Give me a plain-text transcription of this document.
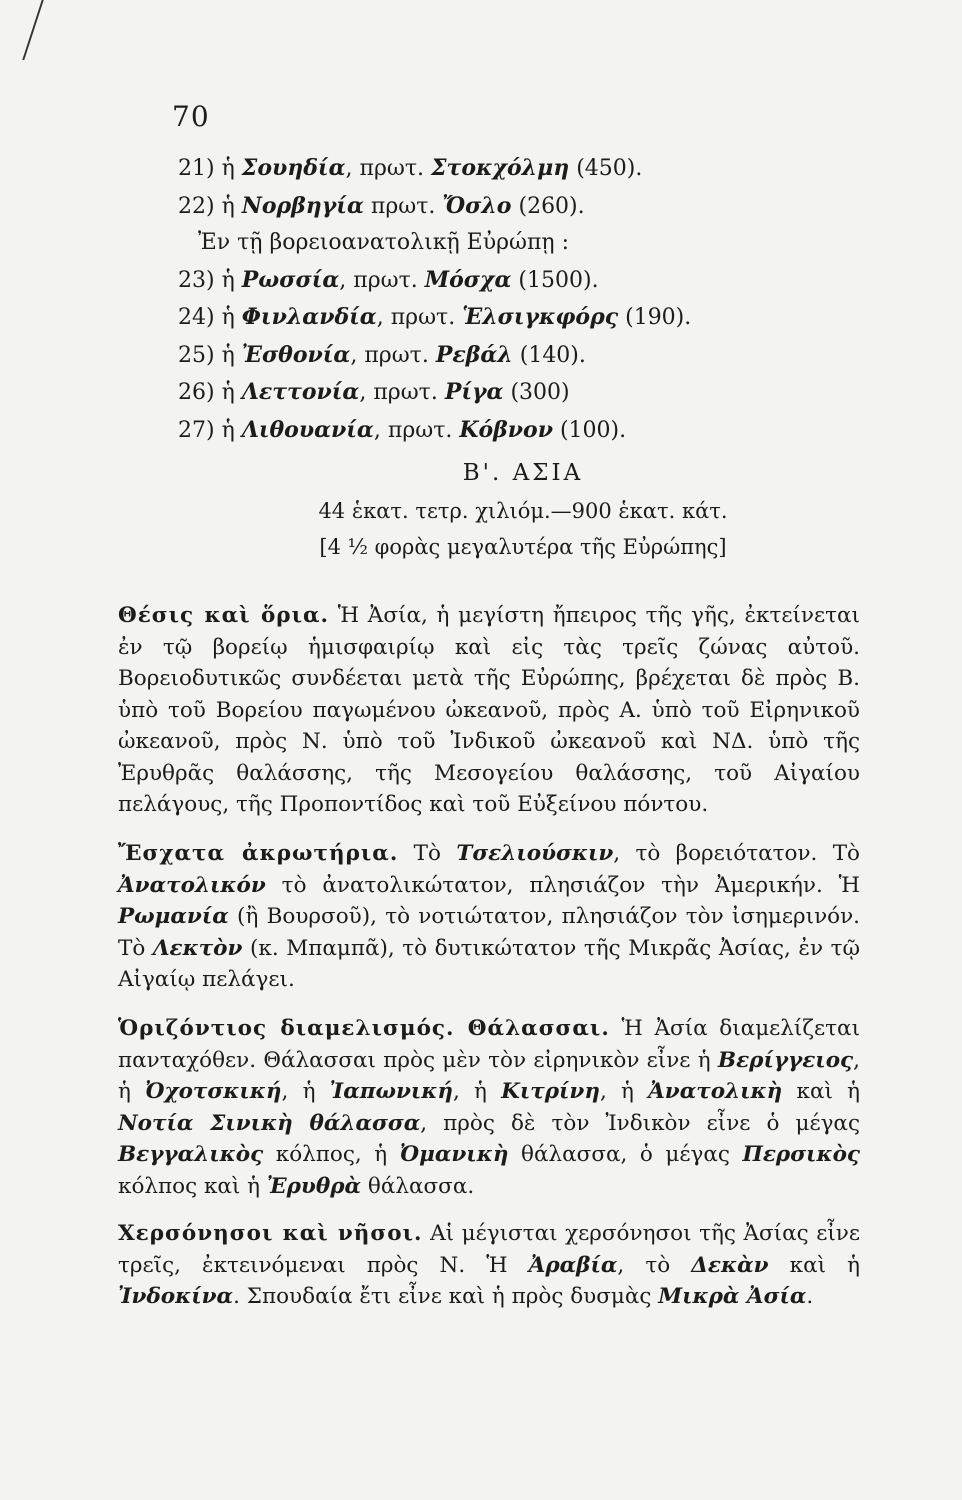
70
21) ἡ Σουηδία, πρωτ. Στοκχόλμη (450).
22) ἡ Νορβηγία πρωτ. Ὄσλο (260).
Ἐν τῇ βορειοανατολικῇ Εὐρώπῃ :
23) ἡ Ρωσσία, πρωτ. Μόσχα (1500).
24) ἡ Φινλανδία, πρωτ. Ἑλσιγκφόρς (190).
25) ἡ Ἐσθονία, πρωτ. Ρεβάλ (140).
26) ἡ Λεττονία, πρωτ. Ρίγα (300)
27) ἡ Λιθουανία, πρωτ. Κόβνον (100).
Β'. ΑΣΙΑ
44 ἑκατ. τετρ. χιλιόμ.—900 ἑκατ. κάτ.
[4 ½ φορὰς μεγαλυτέρα τῆς Εὐρώπης]
Θέσις καὶ ὅρια. Ἡ Ἀσία, ἡ μεγίστη ἤπειρος τῆς γῆς, ἐκτείνεται ἐν τῷ βορείῳ ἡμισφαιρίῳ καὶ εἰς τὰς τρεῖς ζώνας αὐτοῦ. Βορειοδυτικῶς συνδέεται μετὰ τῆς Εὐρώπης, βρέχεται δὲ πρὸς Β. ὑπὸ τοῦ Βορείου παγωμένου ὠκεανοῦ, πρὸς Α. ὑπὸ τοῦ Εἰρηνικοῦ ὠκεανοῦ, πρὸς Ν. ὑπὸ τοῦ Ἰνδικοῦ ὠκεανοῦ καὶ ΝΔ. ὑπὸ τῆς Ἐρυθρᾶς θαλάσσης, τῆς Μεσογείου θαλάσσης, τοῦ Αἰγαίου πελάγους, τῆς Προποντίδος καὶ τοῦ Εὐξείνου πόντου.
Ἔσχατα ἀκρωτήρια. Τὸ Τσελιούσκιν, τὸ βορειότατον. Τὸ Ἀνατολικόν τὸ ἀνατολικώτατον, πλησιάζον τὴν Ἀμερικήν. Ἡ Ρωμανία (ἢ Βουρσοῦ), τὸ νοτιώτατον, πλησιάζον τὸν ἰσημερινόν. Τὸ Λεκτὸν (κ. Μπαμπᾶ), τὸ δυτικώτατον τῆς Μικρᾶς Ἀσίας, ἐν τῷ Αἰγαίῳ πελάγει.
Ὁριζόντιος διαμελισμός. Θάλασσαι. Ἡ Ἀσία διαμελίζεται πανταχόθεν. Θάλασσαι πρὸς μὲν τὸν εἰρηνικὸν εἶνε ἡ Βερίγγειος, ἡ Ὀχοτσκική, ἡ Ἰαπωνική, ἡ Κιτρίνη, ἡ Ἀνατολικὴ καὶ ἡ Νοτία Σινικὴ θάλασσα, πρὸς δὲ τὸν Ἰνδικὸν εἶνε ὁ μέγας Βεγγαλικὸς κόλπος, ἡ Ὀμανικὴ θάλασσα, ὁ μέγας Περσικὸς κόλπος καὶ ἡ Ἐρυθρὰ θάλασσα.
Χερσόνησοι καὶ νῆσοι. Αἱ μέγισται χερσόνησοι τῆς Ἀσίας εἶνε τρεῖς, ἐκτεινόμεναι πρὸς Ν. Ἡ Ἀραβία, τὸ Δεκὰν καὶ ἡ Ἰνδοκίνα. Σπουδαία ἔτι εἶνε καὶ ἡ πρὸς δυσμὰς Μικρὰ Ἀσία.
